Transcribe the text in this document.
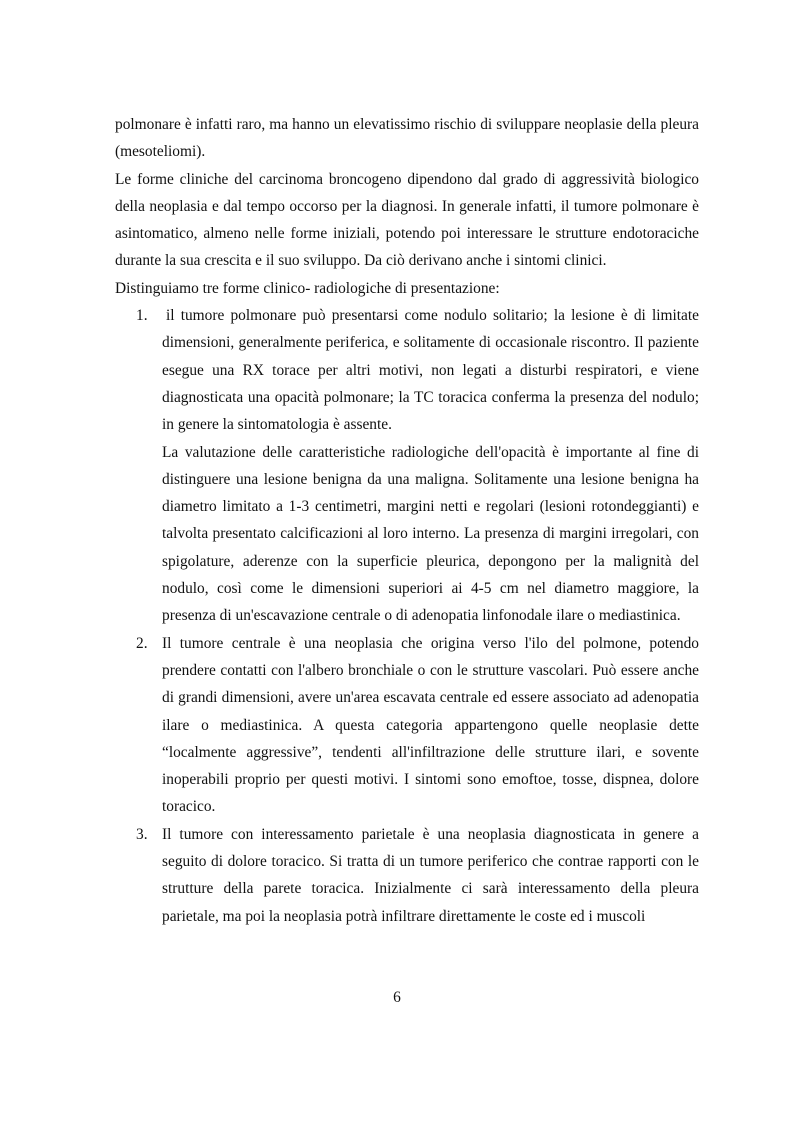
polmonare è infatti raro, ma hanno un elevatissimo rischio di sviluppare neoplasie della pleura (mesoteliomi).

Le forme cliniche del carcinoma broncogeno dipendono dal grado di aggressività biologico della neoplasia e dal tempo occorso per la diagnosi. In generale infatti, il tumore polmonare è asintomatico, almeno nelle forme iniziali, potendo poi interessare le strutture endotoraciche durante la sua crescita e il suo sviluppo. Da ciò derivano anche i sintomi clinici.

Distinguiamo tre forme clinico- radiologiche di presentazione:

1. il tumore polmonare può presentarsi come nodulo solitario; la lesione è di limitate dimensioni, generalmente periferica, e solitamente di occasionale riscontro. Il paziente esegue una RX torace per altri motivi, non legati a disturbi respiratori, e viene diagnosticata una opacità polmonare; la TC toracica conferma la presenza del nodulo; in genere la sintomatologia è assente.

La valutazione delle caratteristiche radiologiche dell'opacità è importante al fine di distinguere una lesione benigna da una maligna. Solitamente una lesione benigna ha diametro limitato a 1-3 centimetri, margini netti e regolari (lesioni rotondeggianti) e talvolta presentato calcificazioni al loro interno. La presenza di margini irregolari, con spigolature, aderenze con la superficie pleurica, depongono per la malignità del nodulo, così come le dimensioni superiori ai 4-5 cm nel diametro maggiore, la presenza di un'escavazione centrale o di adenopatia linfonodale ilare o mediastinica.

2. Il tumore centrale è una neoplasia che origina verso l'ilo del polmone, potendo prendere contatti con l'albero bronchiale o con le strutture vascolari. Può essere anche di grandi dimensioni, avere un'area escavata centrale ed essere associato ad adenopatia ilare o mediastinica. A questa categoria appartengono quelle neoplasie dette “localmente aggressive”, tendenti all'infiltrazione delle strutture ilari, e sovente inoperabili proprio per questi motivi. I sintomi sono emoftoe, tosse, dispnea, dolore toracico.

3. Il tumore con interessamento parietale è una neoplasia diagnosticata in genere a seguito di dolore toracico. Si tratta di un tumore periferico che contrae rapporti con le strutture della parete toracica. Inizialmente ci sarà interessamento della pleura parietale, ma poi la neoplasia potrà infiltrare direttamente le coste ed i muscoli

6
